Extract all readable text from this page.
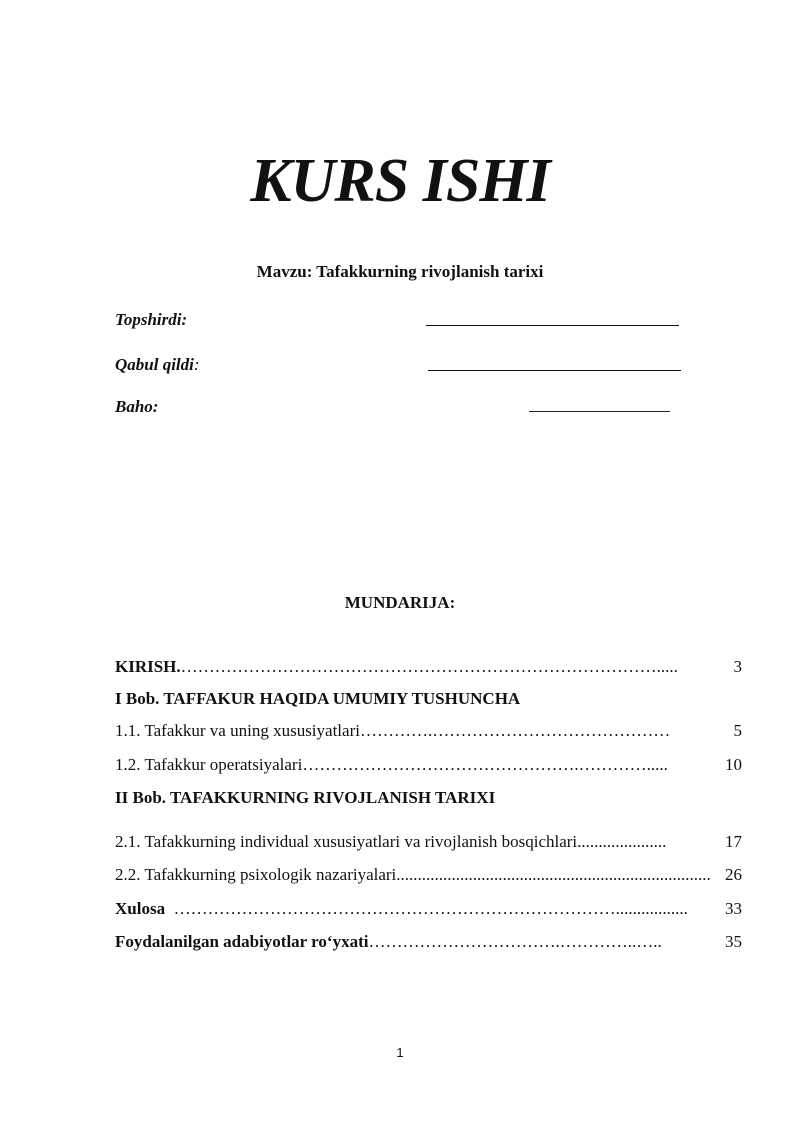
KURS ISHI
Mavzu: Tafakkurning rivojlanish tarixi
Topshirdi:
Qabul qildi:
Baho:
MUNDARIJA:
KIRISH.………………………………………………………………………….....	3
I Bob. TAFFAKUR HAQIDA UMUMIY TUSHUNCHA
1.1. Tafakkur va uning xususiyatlari………….……………………………………	5
1.2. Tafakkur operatsiyalari………………………………………….………….....	10
II Bob. TAFAKKURNING RIVOJLANISH TARIXI
2.1. Tafakkurning individual xususiyatlari va rivojlanish bosqichlari.....................	17
2.2. Tafakkurning psixologik nazariyalari.......................................................................... 26
Xulosa  ……………………………………………………………………................. 33
Foydalanilgan adabiyotlar ro‘yxati…………………………….…………..…..	35
1
